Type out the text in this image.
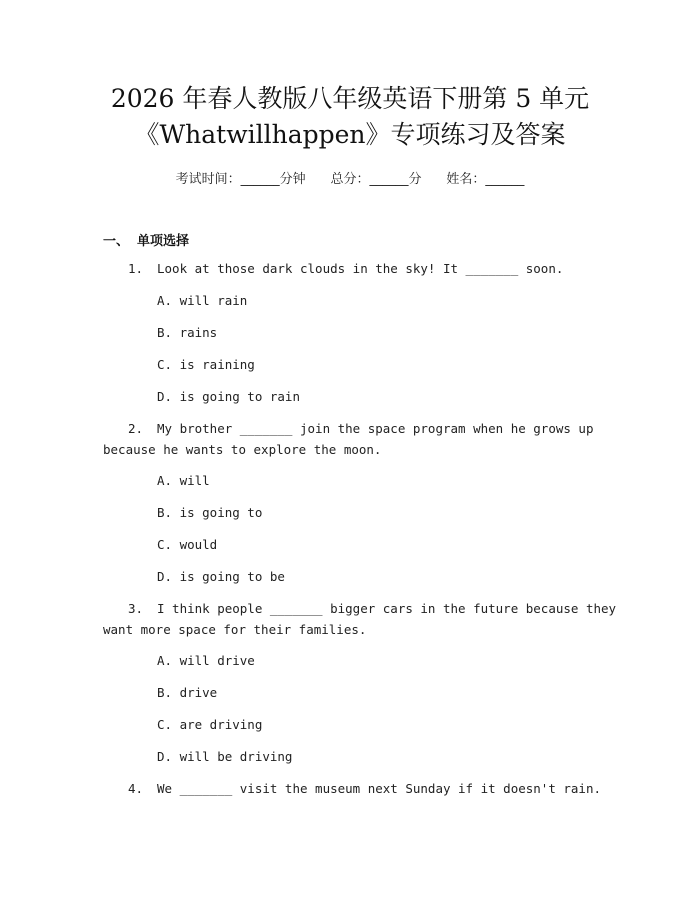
2026 年春人教版八年级英语下册第 5 单元
《Whatwillhappen》专项练习及答案
考试时间：______分钟 总分：______分 姓名：______
一、 单项选择
1. Look at those dark clouds in the sky! It _______ soon.
A. will rain
B. rains
C. is raining
D. is going to rain
2. My brother _______ join the space program when he grows up
because he wants to explore the moon.
A. will
B. is going to
C. would
D. is going to be
3. I think people _______ bigger cars in the future because they
want more space for their families.
A. will drive
B. drive
C. are driving
D. will be driving
4. We _______ visit the museum next Sunday if it doesn't rain.
